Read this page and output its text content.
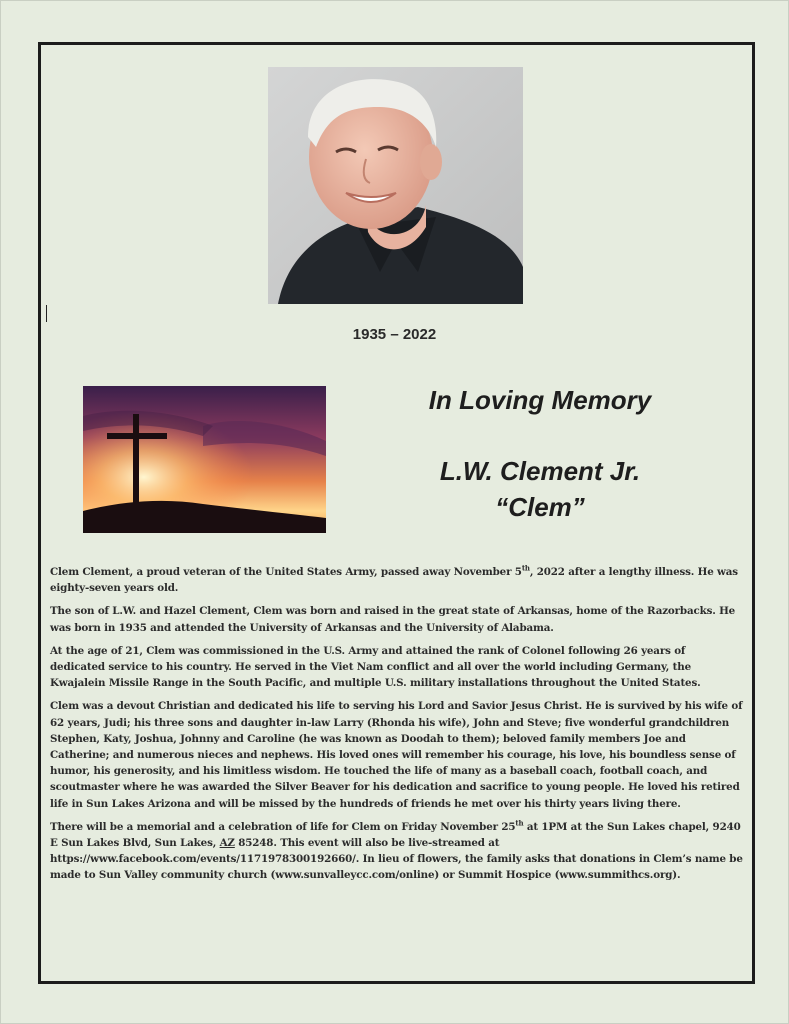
1935 – 2022
In Loving Memory
L.W. Clement Jr.
“Clem”

Clem Clement, a proud veteran of the United States Army, passed away November 5th, 2022 after a lengthy illness. He was eighty-seven years old.

The son of L.W. and Hazel Clement, Clem was born and raised in the great state of Arkansas, home of the Razorbacks. He was born in 1935 and attended the University of Arkansas and the University of Alabama.

At the age of 21, Clem was commissioned in the U.S. Army and attained the rank of Colonel following 26 years of dedicated service to his country. He served in the Viet Nam conflict and all over the world including Germany, the Kwajalein Missile Range in the South Pacific, and multiple U.S. military installations throughout the United States.

Clem was a devout Christian and dedicated his life to serving his Lord and Savior Jesus Christ. He is survived by his wife of 62 years, Judi; his three sons and daughter in-law Larry (Rhonda his wife), John and Steve; five wonderful grandchildren Stephen, Katy, Joshua, Johnny and Caroline (he was known as Doodah to them); beloved family members Joe and Catherine; and numerous nieces and nephews. His loved ones will remember his courage, his love, his boundless sense of humor, his generosity, and his limitless wisdom. He touched the life of many as a baseball coach, football coach, and scoutmaster where he was awarded the Silver Beaver for his dedication and sacrifice to young people. He loved his retired life in Sun Lakes Arizona and will be missed by the hundreds of friends he met over his thirty years living there.

There will be a memorial and a celebration of life for Clem on Friday November 25th at 1PM at the Sun Lakes chapel, 9240 E Sun Lakes Blvd, Sun Lakes, AZ 85248. This event will also be live-streamed at https://www.facebook.com/events/1171978300192660/. In lieu of flowers, the family asks that donations in Clem’s name be made to Sun Valley community church (www.sunvalleycc.com/online) or Summit Hospice (www.summithcs.org).
